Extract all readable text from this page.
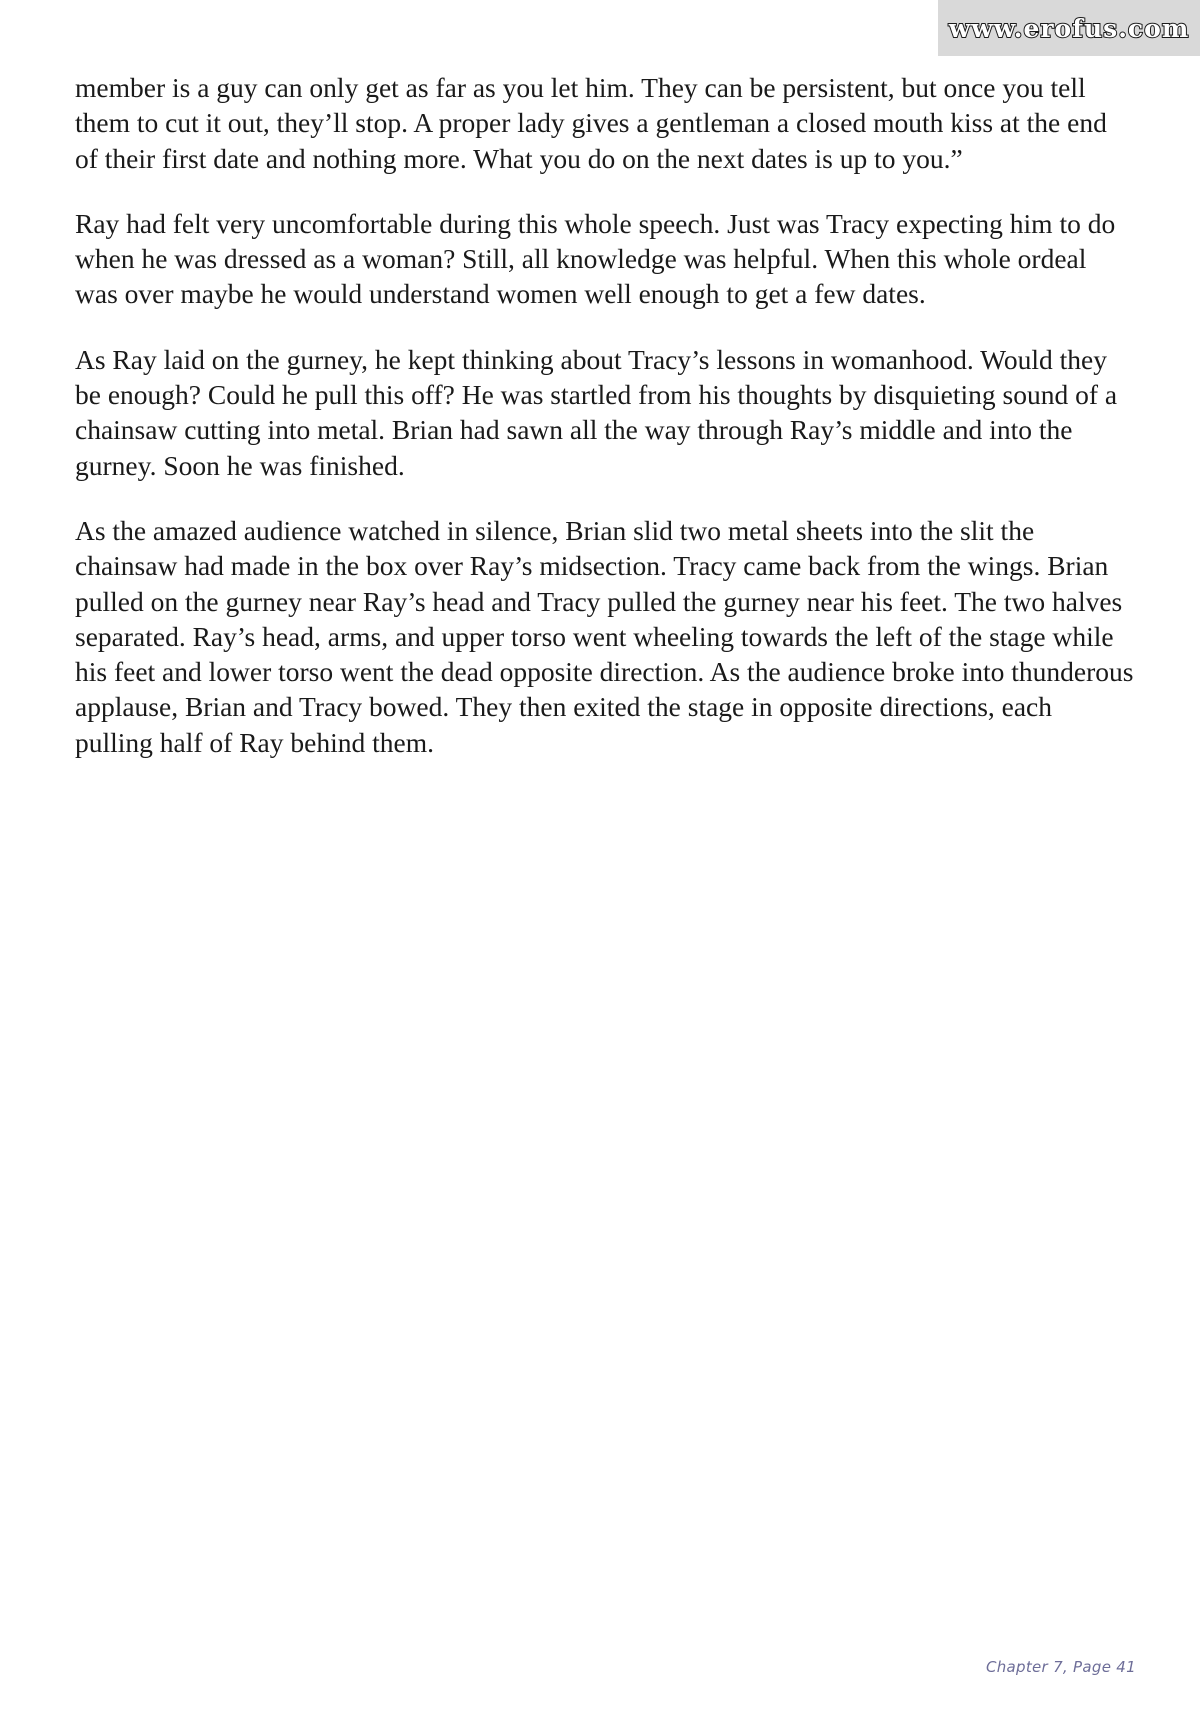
www.erofus.com

member is a guy can only get as far as you let him. They can be persistent, but once you tell them to cut it out, they’ll stop. A proper lady gives a gentleman a closed mouth kiss at the end of their first date and nothing more. What you do on the next dates is up to you.”

Ray had felt very uncomfortable during this whole speech. Just was Tracy expecting him to do when he was dressed as a woman? Still, all knowledge was helpful. When this whole ordeal was over maybe he would understand women well enough to get a few dates.

As Ray laid on the gurney, he kept thinking about Tracy’s lessons in womanhood. Would they be enough? Could he pull this off? He was startled from his thoughts by disquieting sound of a chainsaw cutting into metal. Brian had sawn all the way through Ray’s middle and into the gurney. Soon he was finished.

As the amazed audience watched in silence, Brian slid two metal sheets into the slit the chainsaw had made in the box over Ray’s midsection. Tracy came back from the wings. Brian pulled on the gurney near Ray’s head and Tracy pulled the gurney near his feet. The two halves separated. Ray’s head, arms, and upper torso went wheeling towards the left of the stage while his feet and lower torso went the dead opposite direction. As the audience broke into thunderous applause, Brian and Tracy bowed. They then exited the stage in opposite directions, each pulling half of Ray behind them.

Chapter 7, Page 41
